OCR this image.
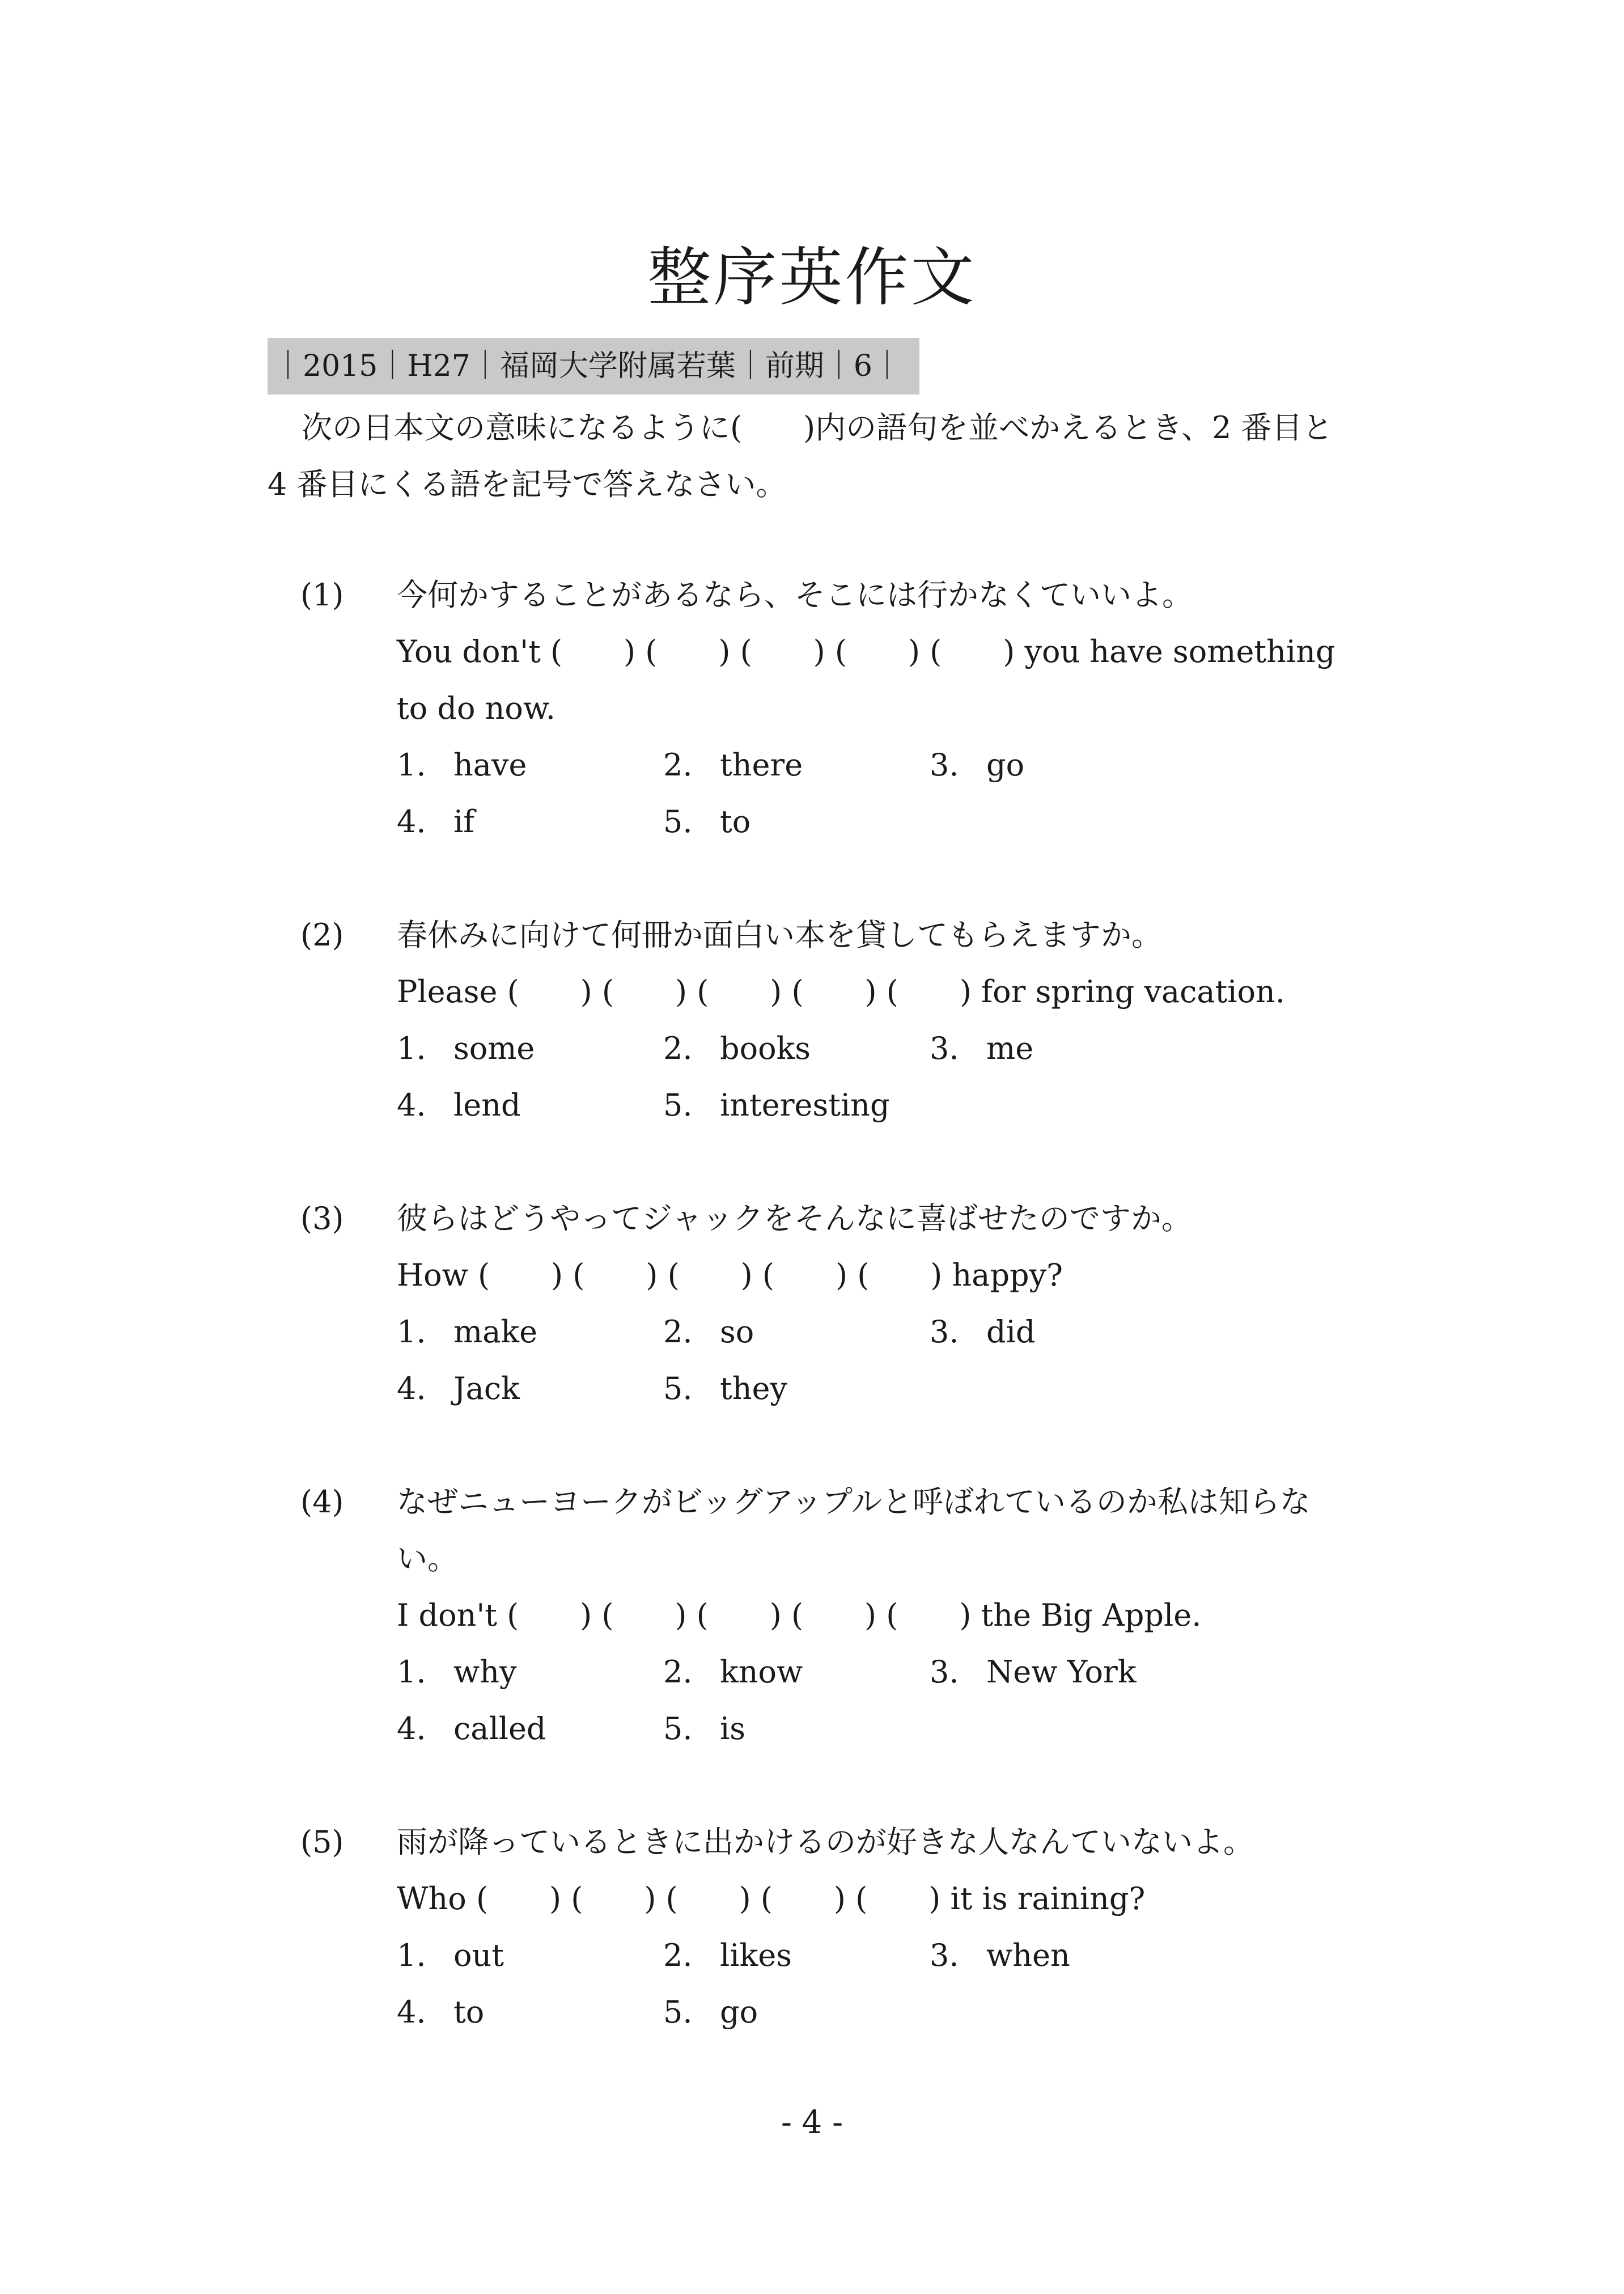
整序英作文
｜2015｜H27｜福岡大学附属若葉｜前期｜6｜

次の日本文の意味になるように(　　)内の語句を並べかえるとき、2 番目と

4 番目にくる語を記号で答えなさい。

(1) 今何かすることがあるなら、そこには行かなくていいよ。

You don't (　　) (　　) (　　) (　　) (　　) you have something to do now.

1. have	2. there	3. go
4. if	5. to
(2) 春休みに向けて何冊か面白い本を貸してもらえますか。

Please (　　) (　　) (　　) (　　) (　　) for spring vacation.

1. some	2. books	3. me
4. lend	5. interesting
(3) 彼らはどうやってジャックをそんなに喜ばせたのですか。

How (　　) (　　) (　　) (　　) (　　) happy?

1. make	2. so	3. did
4. Jack	5. they
(4) なぜニューヨークがビッグアップルと呼ばれているのか私は知らない。

I don't (　　) (　　) (　　) (　　) (　　) the Big Apple.

1. why	2. know	3. New York
4. called	5. is
(5) 雨が降っているときに出かけるのが好きな人なんていないよ。

Who (　　) (　　) (　　) (　　) (　　) it is raining?

1. out	2. likes	3. when
4. to	5. go
- 4 -
